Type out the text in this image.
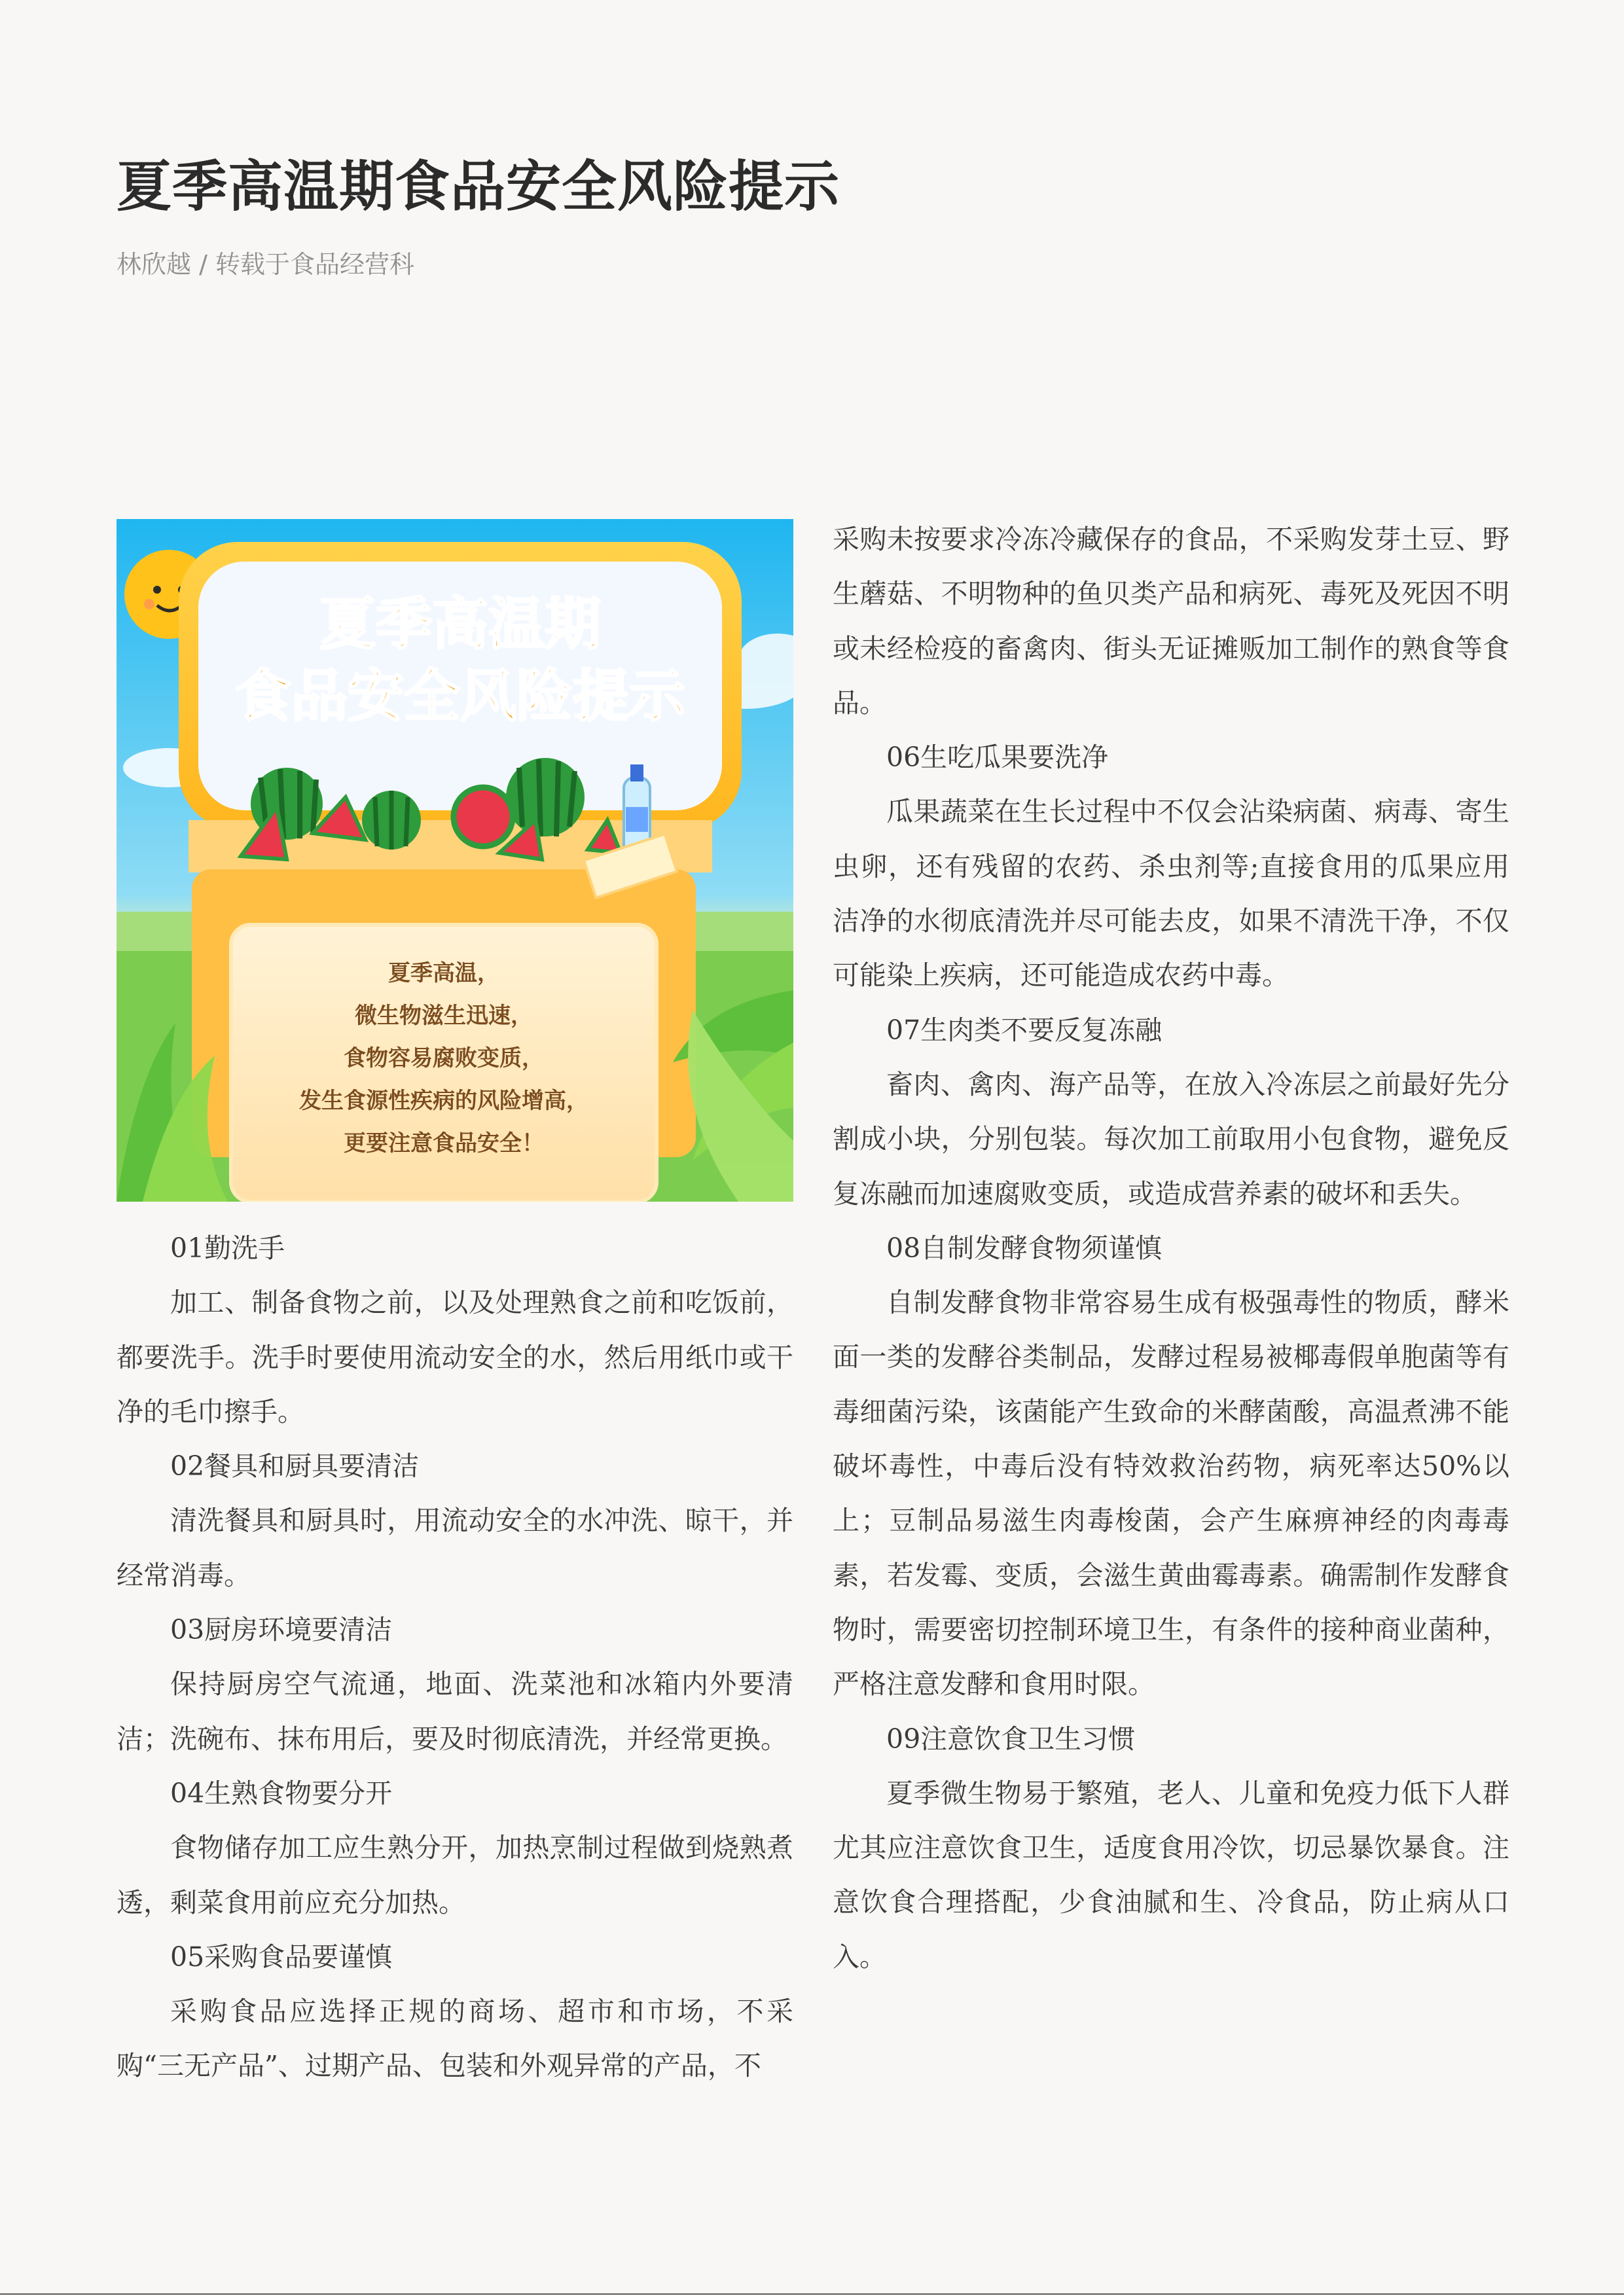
夏季高温期食品安全风险提示

林欣越 / 转载于食品经营科

夏季高温期
食品安全风险提示
夏季高温，
微生物滋生迅速，
食物容易腐败变质，
发生食源性疾病的风险增高，
更要注意食品安全！

01勤洗手

加工、制备食物之前，以及处理熟食之前和吃饭前，都要洗手。洗手时要使用流动安全的水，然后用纸巾或干净的毛巾擦手。

02餐具和厨具要清洁

清洗餐具和厨具时，用流动安全的水冲洗、晾干，并经常消毒。

03厨房环境要清洁

保持厨房空气流通，地面、洗菜池和冰箱内外要清洁；洗碗布、抹布用后，要及时彻底清洗，并经常更换。

04生熟食物要分开

食物储存加工应生熟分开，加热烹制过程做到烧熟煮透，剩菜食用前应充分加热。

05采购食品要谨慎

采购食品应选择正规的商场、超市和市场，不采购“三无产品”、过期产品、包装和外观异常的产品，不

采购未按要求冷冻冷藏保存的食品，不采购发芽土豆、野生蘑菇、不明物种的鱼贝类产品和病死、毒死及死因不明或未经检疫的畜禽肉、街头无证摊贩加工制作的熟食等食品。

06生吃瓜果要洗净

瓜果蔬菜在生长过程中不仅会沾染病菌、病毒、寄生虫卵，还有残留的农药、杀虫剂等;直接食用的瓜果应用洁净的水彻底清洗并尽可能去皮，如果不清洗干净，不仅可能染上疾病，还可能造成农药中毒。

07生肉类不要反复冻融

畜肉、禽肉、海产品等，在放入冷冻层之前最好先分割成小块，分别包装。每次加工前取用小包食物，避免反复冻融而加速腐败变质，或造成营养素的破坏和丢失。

08自制发酵食物须谨慎

自制发酵食物非常容易生成有极强毒性的物质，酵米面一类的发酵谷类制品，发酵过程易被椰毒假单胞菌等有毒细菌污染，该菌能产生致命的米酵菌酸，高温煮沸不能破坏毒性，中毒后没有特效救治药物，病死率达50%以上；豆制品易滋生肉毒梭菌，会产生麻痹神经的肉毒毒素，若发霉、变质，会滋生黄曲霉毒素。确需制作发酵食物时，需要密切控制环境卫生，有条件的接种商业菌种，严格注意发酵和食用时限。

09注意饮食卫生习惯

夏季微生物易于繁殖，老人、儿童和免疫力低下人群尤其应注意饮食卫生，适度食用冷饮，切忌暴饮暴食。注意饮食合理搭配，少食油腻和生、冷食品，防止病从口入。
